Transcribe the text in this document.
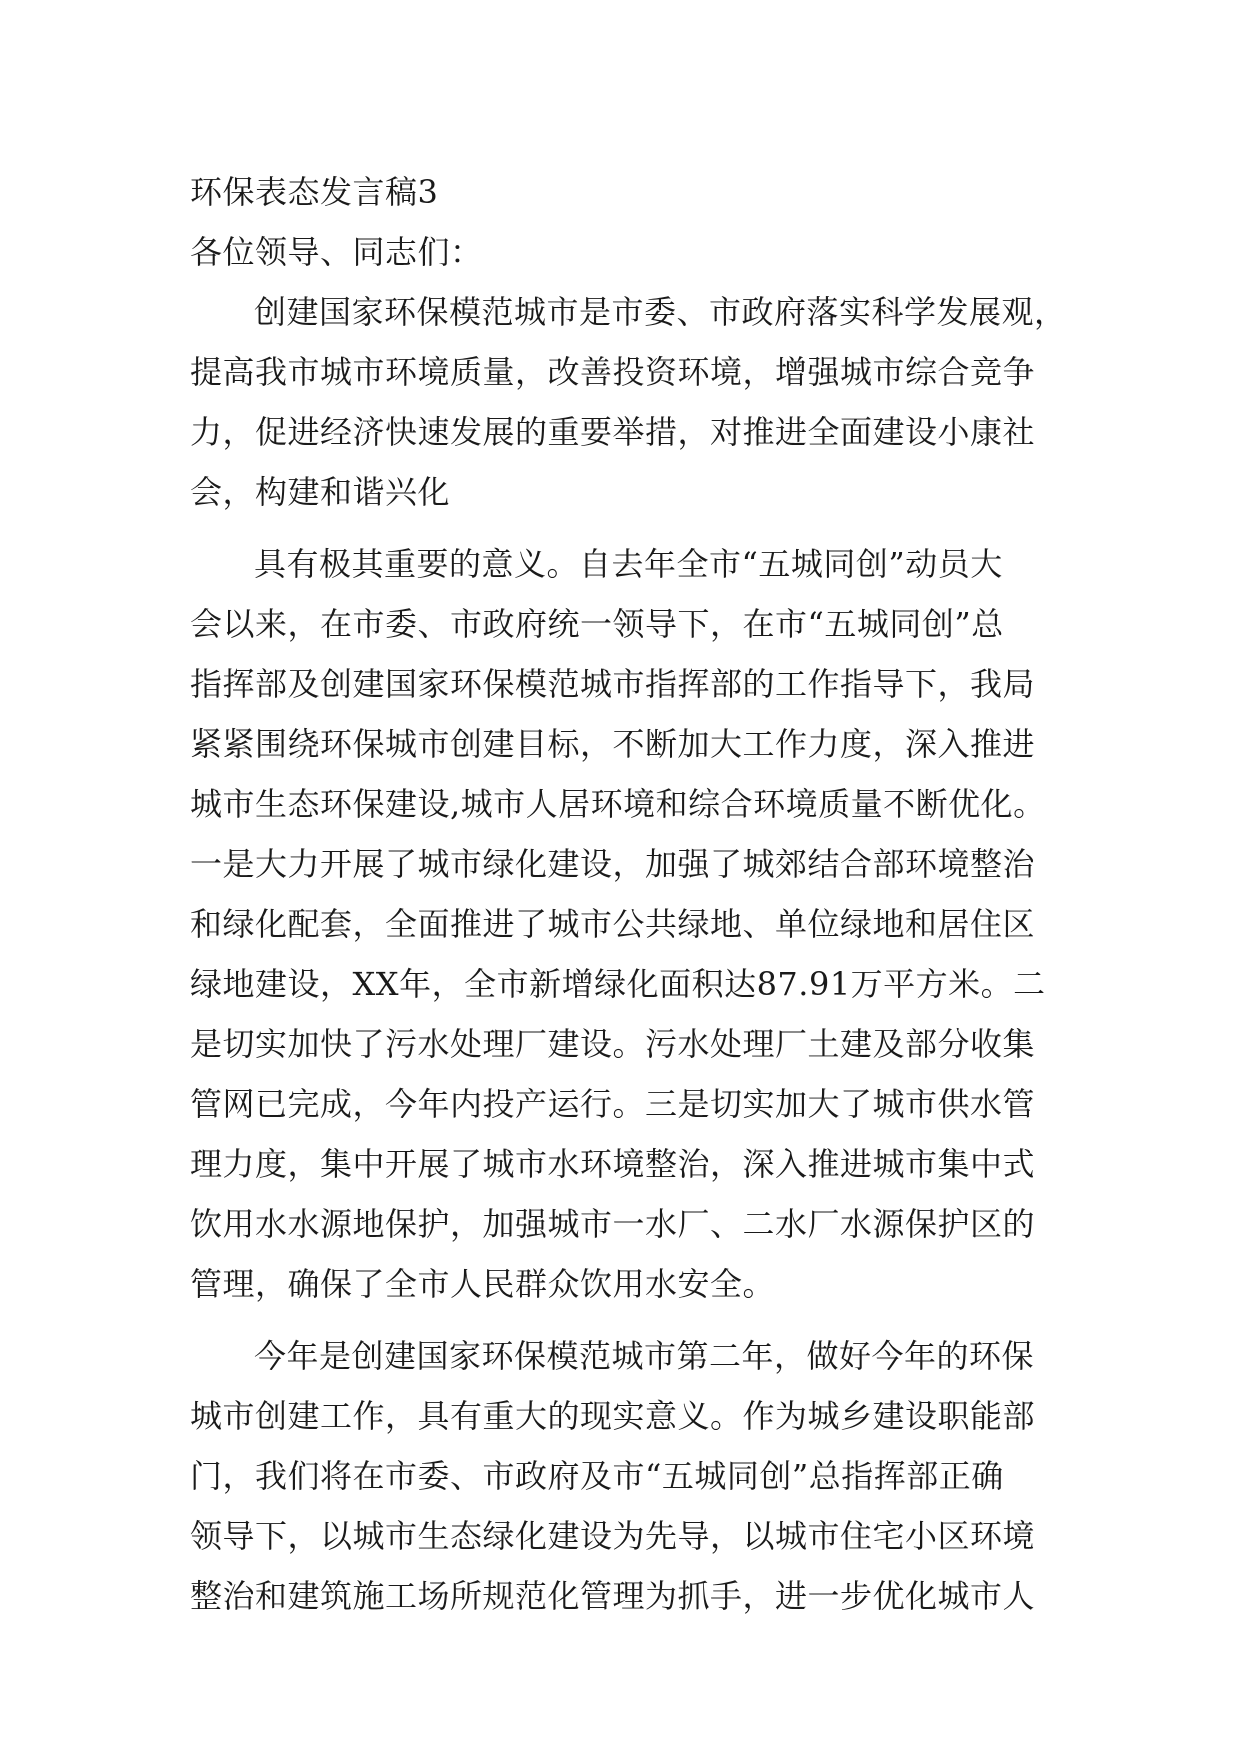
环保表态发言稿3
各位领导、同志们：
创建国家环保模范城市是市委、市政府落实科学发展观，
提高我市城市环境质量，改善投资环境，增强城市综合竞争
力，促进经济快速发展的重要举措，对推进全面建设小康社
会，构建和谐兴化
具有极其重要的意义。自去年全市“五城同创”动员大
会以来，在市委、市政府统一领导下，在市“五城同创”总
指挥部及创建国家环保模范城市指挥部的工作指导下，我局
紧紧围绕环保城市创建目标，不断加大工作力度，深入推进
城市生态环保建设,城市人居环境和综合环境质量不断优化。
一是大力开展了城市绿化建设，加强了城郊结合部环境整治
和绿化配套，全面推进了城市公共绿地、单位绿地和居住区
绿地建设，XX年，全市新增绿化面积达87.91万平方米。二
是切实加快了污水处理厂建设。污水处理厂土建及部分收集
管网已完成，今年内投产运行。三是切实加大了城市供水管
理力度，集中开展了城市水环境整治，深入推进城市集中式
饮用水水源地保护，加强城市一水厂、二水厂水源保护区的
管理，确保了全市人民群众饮用水安全。
今年是创建国家环保模范城市第二年，做好今年的环保
城市创建工作，具有重大的现实意义。作为城乡建设职能部
门，我们将在市委、市政府及市“五城同创”总指挥部正确
领导下，以城市生态绿化建设为先导，以城市住宅小区环境
整治和建筑施工场所规范化管理为抓手，进一步优化城市人
